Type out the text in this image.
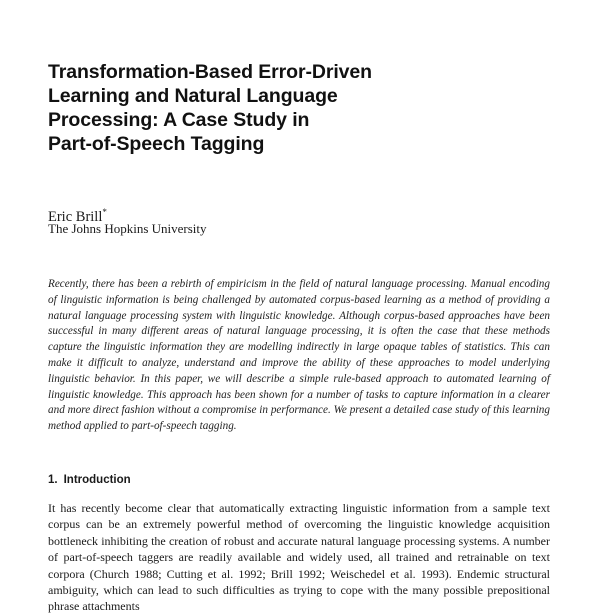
Transformation-Based Error-Driven
Learning and Natural Language
Processing: A Case Study in
Part-of-Speech Tagging
Eric Brill*
The Johns Hopkins University

Recently, there has been a rebirth of empiricism in the field of natural language processing. Manual encoding of linguistic information is being challenged by automated corpus-based learning as a method of providing a natural language processing system with linguistic knowledge. Although corpus-based approaches have been successful in many different areas of natural language processing, it is often the case that these methods capture the linguistic information they are modelling indirectly in large opaque tables of statistics. This can make it difficult to analyze, understand and improve the ability of these approaches to model underlying linguistic behavior. In this paper, we will describe a simple rule-based approach to automated learning of linguistic knowledge. This approach has been shown for a number of tasks to capture information in a clearer and more direct fashion without a compromise in performance. We present a detailed case study of this learning method applied to part-of-speech tagging.

1. Introduction

It has recently become clear that automatically extracting linguistic information from a sample text corpus can be an extremely powerful method of overcoming the linguistic knowledge acquisition bottleneck inhibiting the creation of robust and accurate natural language processing systems. A number of part-of-speech taggers are readily available and widely used, all trained and retrainable on text corpora (Church 1988; Cutting et al. 1992; Brill 1992; Weischedel et al. 1993). Endemic structural ambiguity, which can lead to such difficulties as trying to cope with the many possible prepositional phrase attachments
